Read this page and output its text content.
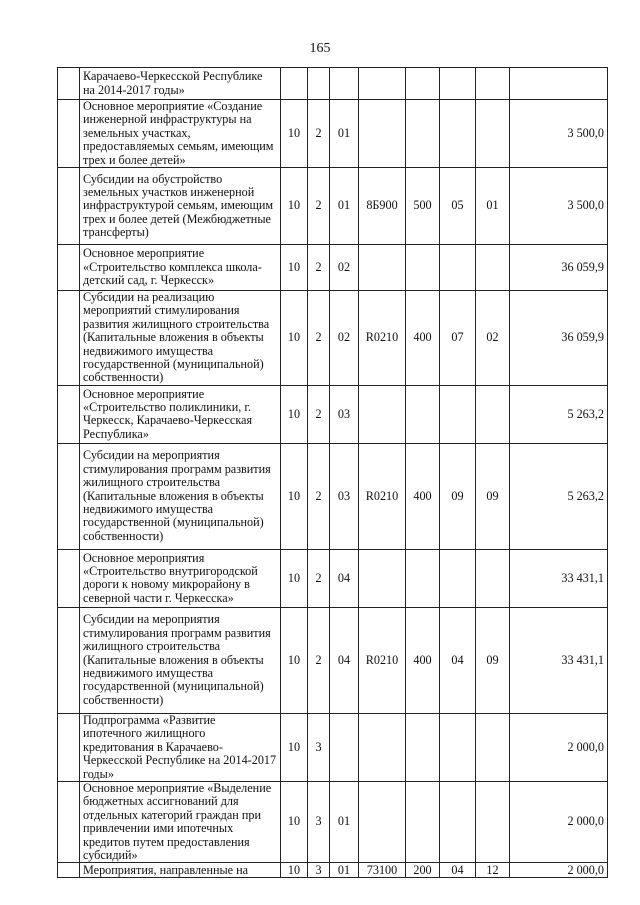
165
	Карачаево-Черкесской Республике на 2014-2017 годы»								
	Основное мероприятие «Создание инженерной инфраструктуры на земельных участках, предоставляемых семьям, имеющим трех и более детей»	10	2	01					3 500,0
	Субсидии на обустройство земельных участков инженерной инфраструктурой семьям, имеющим трех и более детей (Межбюджетные трансферты)	10	2	01	8Б900	500	05	01	3 500,0
	Основное мероприятие «Строительство комплекса школа-детский сад, г. Черкесск»	10	2	02					36 059,9
	Субсидии на реализацию мероприятий стимулирования развития жилищного строительства (Капитальные вложения в объекты недвижимого имущества государственной (муниципальной) собственности)	10	2	02	R0210	400	07	02	36 059,9
	Основное мероприятие «Строительство поликлиники, г. Черкесск, Карачаево-Черкесская Республика»	10	2	03					5 263,2
	Субсидии на мероприятия стимулирования программ развития жилищного строительства (Капитальные вложения в объекты недвижимого имущества государственной (муниципальной) собственности)	10	2	03	R0210	400	09	09	5 263,2
	Основное мероприятия «Строительство внутригородской дороги к новому микрорайону в северной части г. Черкесска»	10	2	04					33 431,1
	Субсидии на мероприятия стимулирования программ развития жилищного строительства (Капитальные вложения в объекты недвижимого имущества государственной (муниципальной) собственности)	10	2	04	R0210	400	04	09	33 431,1
	Подпрограмма «Развитие ипотечного жилищного кредитования в Карачаево-Черкесской Республике на 2014-2017 годы»	10	3						2 000,0
	Основное мероприятие «Выделение бюджетных ассигнований для отдельных категорий граждан при привлечении ими ипотечных кредитов путем предоставления субсидий»	10	3	01					2 000,0
	Мероприятия, направленные на	10	3	01	73100	200	04	12	2 000,0
